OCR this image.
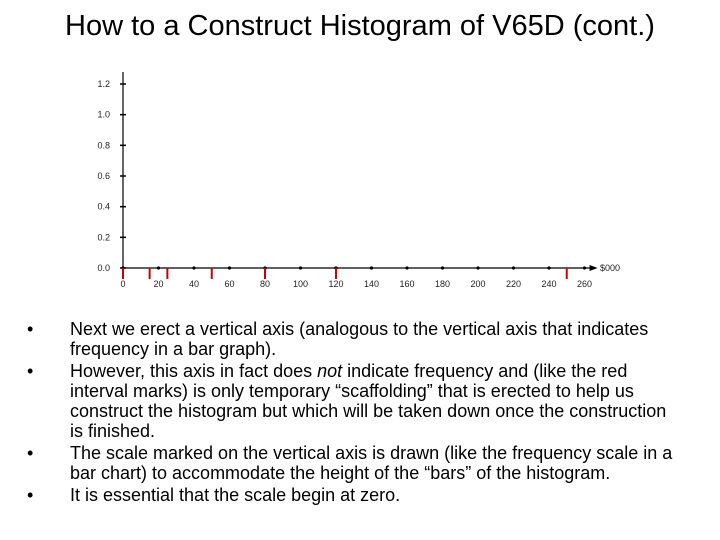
How to a Construct Histogram of V65D (cont.)
1.2
1.0
0.8
0.6
0.4
0.2
0.0
0	20	40	60	80	100 120 140 160 180 200 220 240 260
$000
• Next we erect a vertical axis (analogous to the vertical axis that indicates frequency in a bar graph).
• However, this axis in fact does not indicate frequency and (like the red interval marks) is only temporary “scaffolding” that is erected to help us construct the histogram but which will be taken down once the construction is finished.
• The scale marked on the vertical axis is drawn (like the frequency scale in a bar chart) to accommodate the height of the “bars” of the histogram.
• It is essential that the scale begin at zero.
